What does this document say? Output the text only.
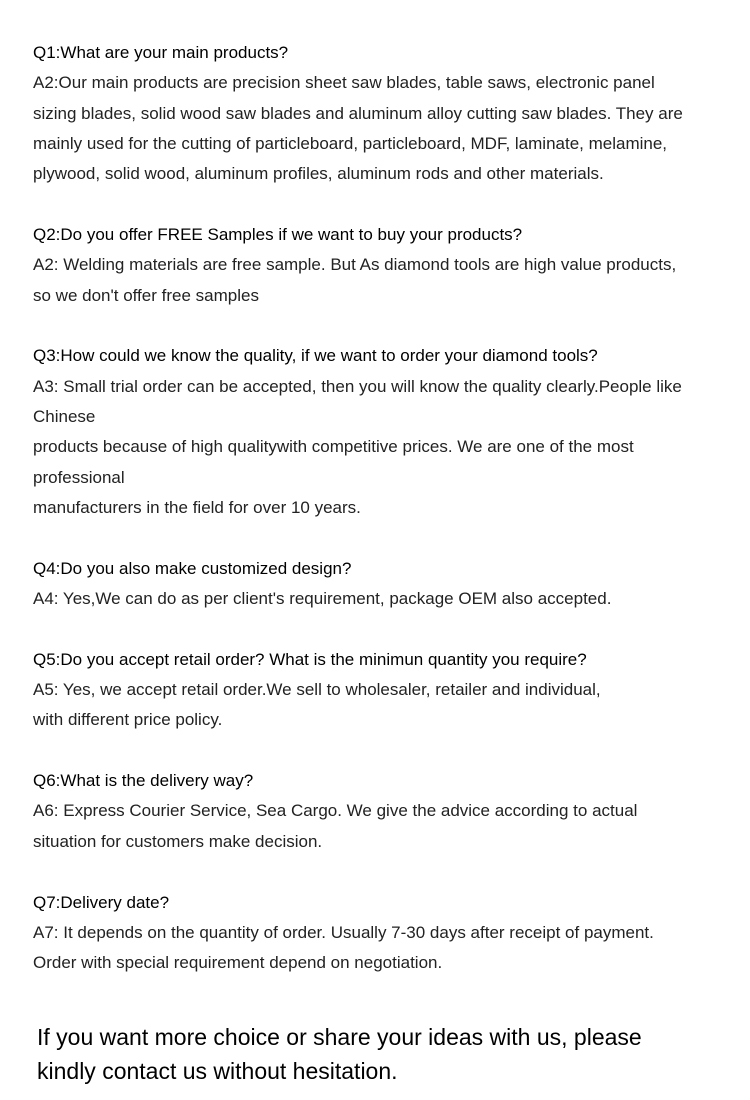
Q1:What are your main products?
A2:Our main products are precision sheet saw blades, table saws, electronic panel
sizing blades, solid wood saw blades and aluminum alloy cutting saw blades. They are
mainly used for the cutting of particleboard, particleboard, MDF, laminate, melamine,
plywood, solid wood, aluminum profiles, aluminum rods and other materials.
Q2:Do you offer FREE Samples if we want to buy your products?
A2: Welding materials are free sample. But As diamond tools are high value products,
so we don't offer free samples
Q3:How could we know the quality, if we want to order your diamond tools?
A3: Small trial order can be accepted, then you will know the quality clearly.People like
Chinese
products because of high qualitywith competitive prices. We are one of the most
professional
manufacturers in the field for over 10 years.
Q4:Do you also make customized design?
A4: Yes,We can do as per client's requirement, package OEM also accepted.
Q5:Do you accept retail order? What is the minimun quantity you require?
A5: Yes, we accept retail order.We sell to wholesaler, retailer and individual,
with different price policy.
Q6:What is the delivery way?
A6: Express Courier Service, Sea Cargo. We give the advice according to actual
situation for customers make decision.
Q7:Delivery date?
A7: It depends on the quantity of order. Usually 7-30 days after receipt of payment.
Order with special requirement depend on negotiation.
If you want more choice or share your ideas with us, please
kindly contact us without hesitation.
